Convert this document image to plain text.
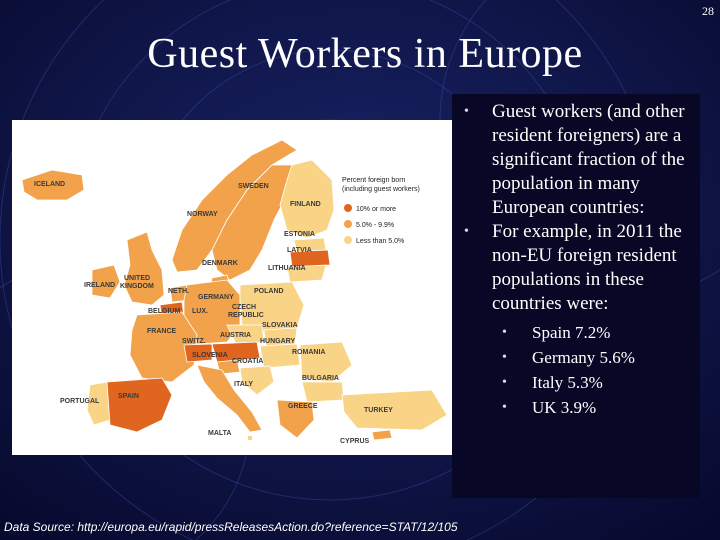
28
Guest Workers in Europe
Percent foreign born
(including guest workers)
10% or more
5.0% - 9.9%
Less than 5.0%
ICELAND	SWEDEN
FINLAND
NORWAY
ESTONIA
LATVIA
LITHUANIA
DENMARK
UNITED
KINGDOM
IRELAND
NETH.
GERMANY
POLAND
BELGIUM LUX.
CZECH
REPUBLIC
SLOVAKIA
FRANCE
SWITZ.
AUSTRIA
HUNGARY
SLOVENIA
CROATIA
ROMANIA
ITALY
BULGARIA
PORTUGAL
SPAIN
GREECE
TURKEY
MALTA
CYPRUS
• Guest workers (and other resident foreigners) are a significant fraction of the population in many European countries:
• For example, in 2011 the non-EU foreign resident populations in these countries were:
• Spain 7.2%
• Germany 5.6%
• Italy 5.3%
• UK 3.9%
Data Source: http://europa.eu/rapid/pressReleasesAction.do?reference=STAT/12/105
